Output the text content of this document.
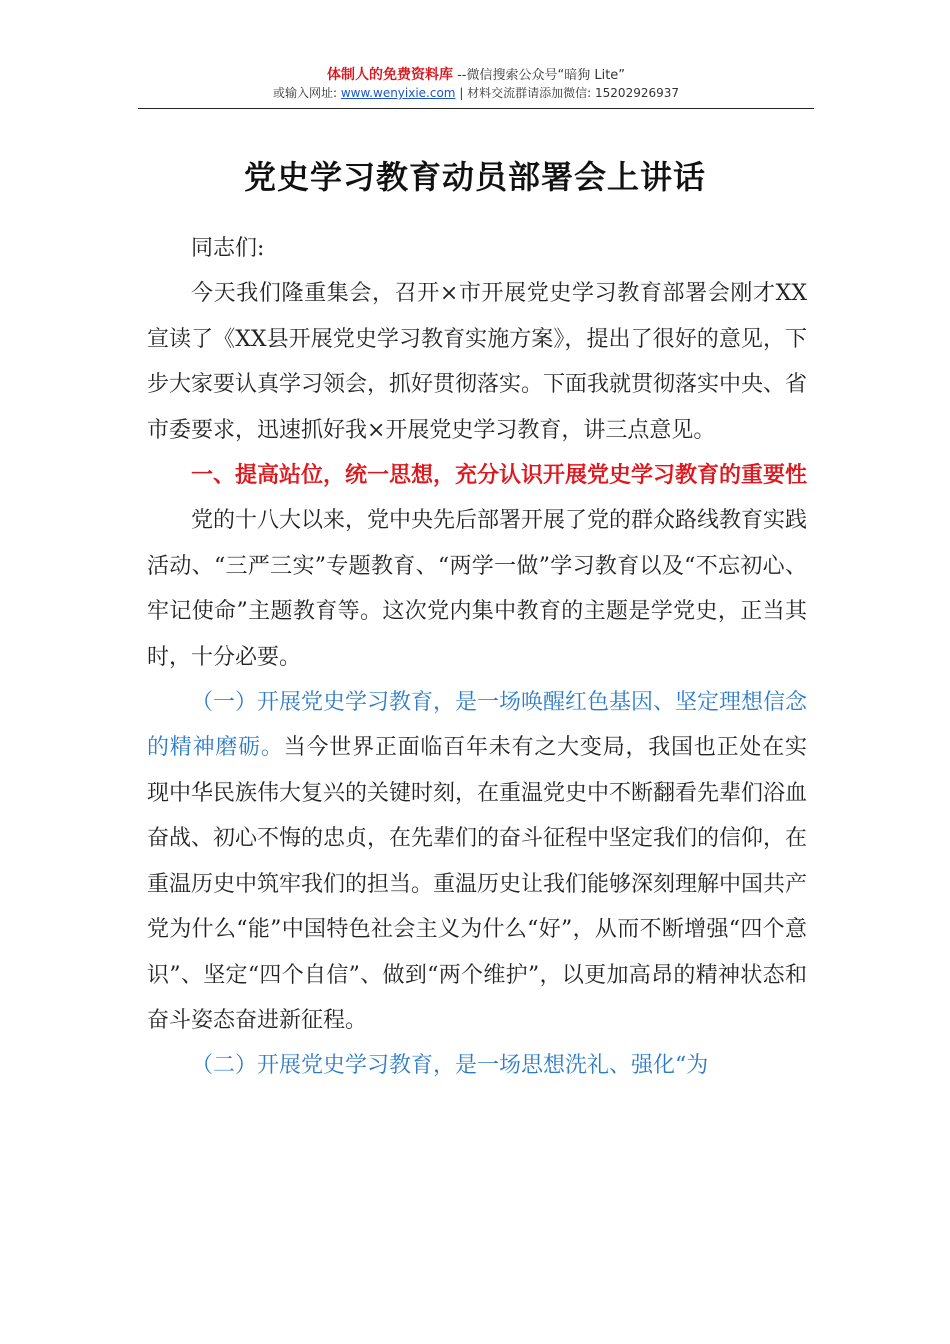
体制人的免费资料库 --微信搜索公众号“暗狗 Lite”
或输入网址: www.wenyixie.com | 材料交流群请添加微信: 15202926937
党史学习教育动员部署会上讲话

同志们:

今天我们隆重集会，召开×市开展党史学习教育部署会刚才XX宣读了《XX县开展党史学习教育实施方案》，提出了很好的意见，下步大家要认真学习领会，抓好贯彻落实。下面我就贯彻落实中央、省市委要求，迅速抓好我×开展党史学习教育，讲三点意见。

一、提高站位，统一思想，充分认识开展党史学习教育的重要性

党的十八大以来，党中央先后部署开展了党的群众路线教育实践活动、“三严三实”专题教育、“两学一做”学习教育以及“不忘初心、牢记使命”主题教育等。这次党内集中教育的主题是学党史，正当其时，十分必要。

（一）开展党史学习教育，是一场唤醒红色基因、坚定理想信念的精神磨砺。当今世界正面临百年未有之大变局，我国也正处在实现中华民族伟大复兴的关键时刻，在重温党史中不断翻看先辈们浴血奋战、初心不悔的忠贞，在先辈们的奋斗征程中坚定我们的信仰，在重温历史中筑牢我们的担当。重温历史让我们能够深刻理解中国共产党为什么“能”中国特色社会主义为什么“好”，从而不断增强“四个意识”、坚定“四个自信”、做到“两个维护”，以更加高昂的精神状态和奋斗姿态奋进新征程。

（二）开展党史学习教育，是一场思想洗礼、强化“为
